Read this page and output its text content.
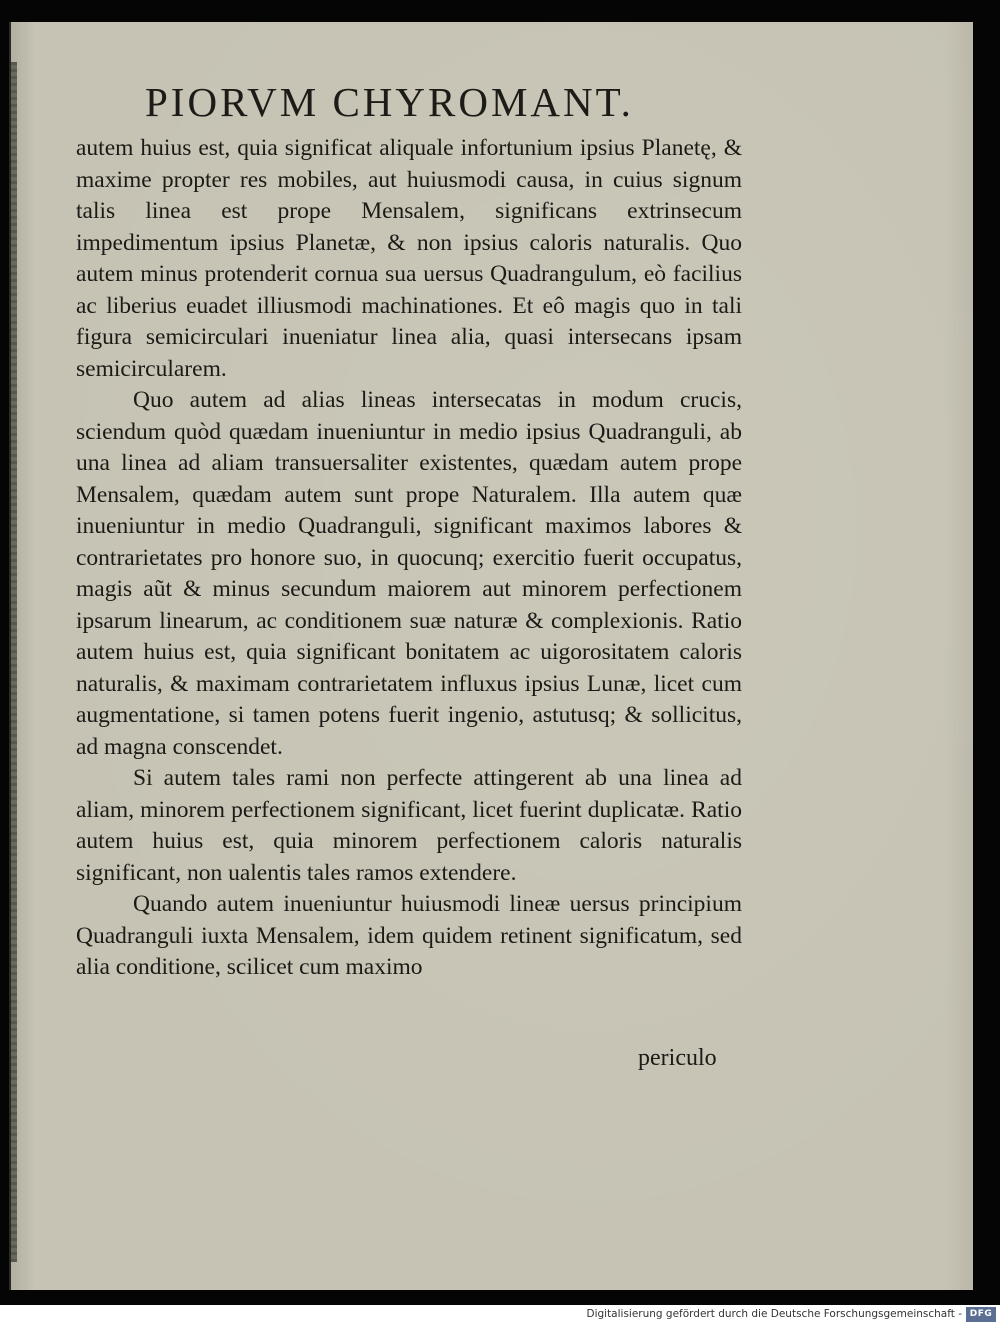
PIORVM CHYROMANT.

autem huius est, quia significat aliquale infortunium ipsius Planetę, & maxime propter res mobiles, aut huiusmodi causa, in cuius signum talis linea est prope Mensalem, significans extrinsecum impedimentum ipsius Planetæ, & non ipsius caloris naturalis. Quo autem minus protenderit cornua sua uersus Quadrangulum, eò facilius ac liberius euadet illiusmodi machinationes. Et eô magis quo in tali figura semicirculari inueniatur linea alia, quasi intersecans ipsam semicircularem.

Quo autem ad alias lineas intersecatas in modum crucis, sciendum quòd quædam inueniuntur in medio ipsius Quadranguli, ab una linea ad aliam transuersaliter existentes, quædam autem prope Mensalem, quædam autem sunt prope Naturalem. Illa autem quæ inueniuntur in medio Quadranguli, significant maximos labores & contrarietates pro honore suo, in quocunq; exercitio fuerit occupatus, magis aũt & minus secundum maiorem aut minorem perfectionem ipsarum linearum, ac conditionem suæ naturæ & complexionis. Ratio autem huius est, quia significant bonitatem ac uigorositatem caloris naturalis, & maximam contrarietatem influxus ipsius Lunæ, licet cum augmentatione, si tamen potens fuerit ingenio, astutusq; & sollicitus, ad magna conscendet.

Si autem tales rami non perfecte attingerent ab una linea ad aliam, minorem perfectionem significant, licet fuerint duplicatæ. Ratio autem huius est, quia minorem perfectionem caloris naturalis significant, non ualentis tales ramos extendere.

Quando autem inueniuntur huiusmodi lineæ uersus principium Quadranguli iuxta Mensalem, idem quidem retinent significatum, sed alia conditione, scilicet cum maximo

periculo
Digitalisierung gefördert durch die Deutsche Forschungsgemeinschaft - DFG
